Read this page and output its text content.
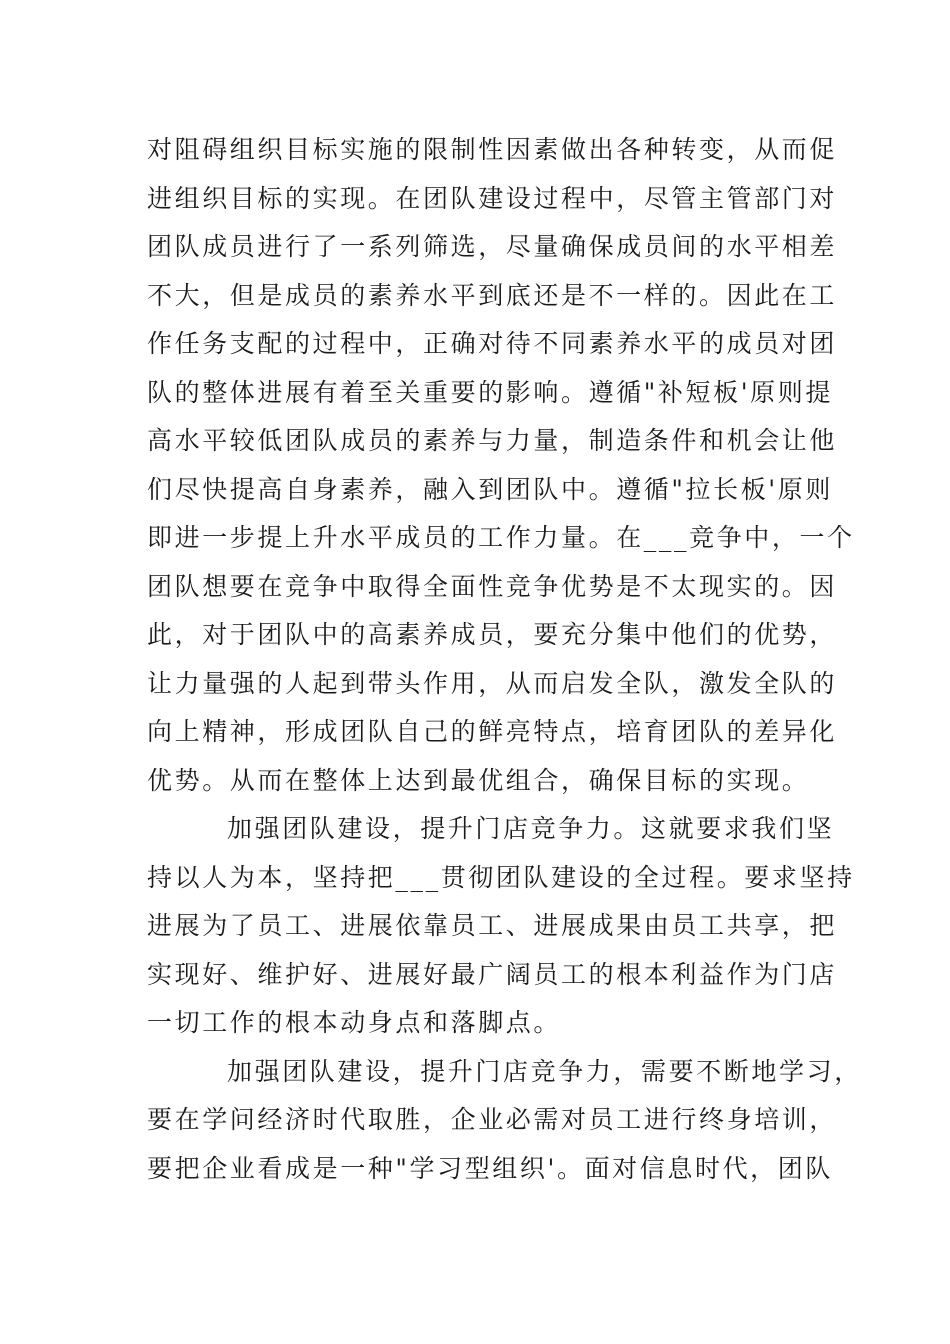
对阻碍组织目标实施的限制性因素做出各种转变，从而促
进组织目标的实现。在团队建设过程中，尽管主管部门对
团队成员进行了一系列筛选，尽量确保成员间的水平相差
不大，但是成员的素养水平到底还是不一样的。因此在工
作任务支配的过程中，正确对待不同素养水平的成员对团
队的整体进展有着至关重要的影响。遵循"补短板'原则提
高水平较低团队成员的素养与力量，制造条件和机会让他
们尽快提高自身素养，融入到团队中。遵循"拉长板'原则
即进一步提上升水平成员的工作力量。在___竞争中，一个
团队想要在竞争中取得全面性竞争优势是不太现实的。因
此，对于团队中的高素养成员，要充分集中他们的优势，
让力量强的人起到带头作用，从而启发全队，激发全队的
向上精神，形成团队自己的鲜亮特点，培育团队的差异化
优势。从而在整体上达到最优组合，确保目标的实现。
加强团队建设，提升门店竞争力。这就要求我们坚
持以人为本，坚持把___贯彻团队建设的全过程。要求坚持
进展为了员工、进展依靠员工、进展成果由员工共享，把
实现好、维护好、进展好最广阔员工的根本利益作为门店
一切工作的根本动身点和落脚点。
加强团队建设，提升门店竞争力，需要不断地学习，
要在学问经济时代取胜，企业必需对员工进行终身培训，
要把企业看成是一种"学习型组织'。面对信息时代，团队
